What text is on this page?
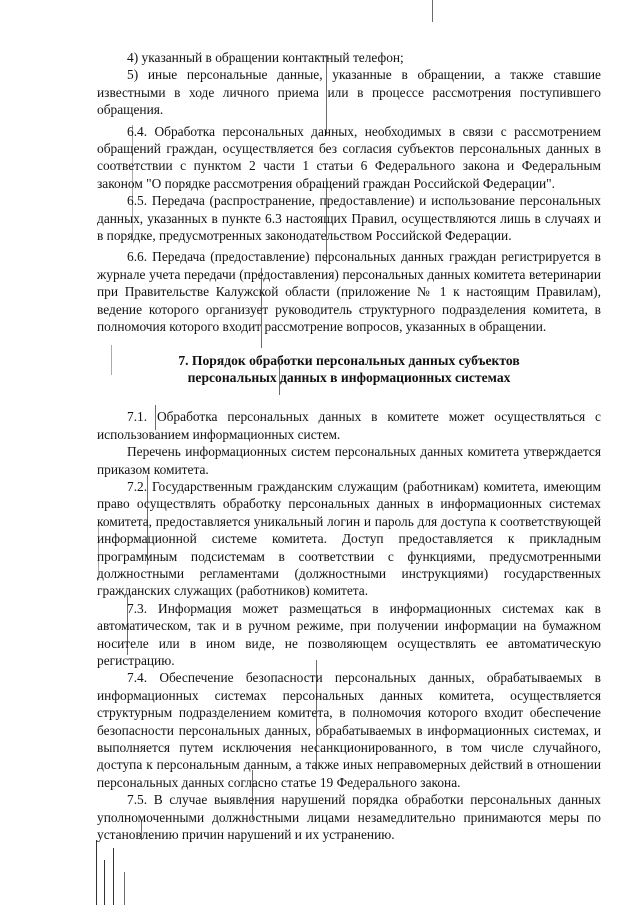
4) указанный в обращении контактный телефон;

5) иные персональные данные, указанные в обращении, а также ставшие известными в ходе личного приема или в процессе рассмотрения поступившего обращения.

6.4. Обработка персональных данных, необходимых в связи с рассмотрением обращений граждан, осуществляется без согласия субъектов персональных данных в соответствии с пунктом 2 части 1 статьи 6 Федерального закона и Федеральным законом "О порядке рассмотрения обращений граждан Российской Федерации".

6.5. Передача (распространение, предоставление) и использование персональных данных, указанных в пункте 6.3 настоящих Правил, осуществляются лишь в случаях и в порядке, предусмотренных законодательством Российской Федерации.

6.6. Передача (предоставление) персональных данных граждан регистрируется в журнале учета передачи (предоставления) персональных данных комитета ветеринарии при Правительстве Калужской области (приложение № 1 к настоящим Правилам), ведение которого организует руководитель структурного подразделения комитета, в полномочия которого входит рассмотрение вопросов, указанных в обращении.

7. Порядок обработки персональных данных субъектов
персональных данных в информационных системах

7.1. Обработка персональных данных в комитете может осуществляться с использованием информационных систем.

Перечень информационных систем персональных данных комитета утверждается приказом комитета.

7.2. Государственным гражданским служащим (работникам) комитета, имеющим право осуществлять обработку персональных данных в информационных системах комитета, предоставляется уникальный логин и пароль для доступа к соответствующей информационной системе комитета. Доступ предоставляется к прикладным программным подсистемам в соответствии с функциями, предусмотренными должностными регламентами (должностными инструкциями) государственных гражданских служащих (работников) комитета.

7.3. Информация может размещаться в информационных системах как в автоматическом, так и в ручном режиме, при получении информации на бумажном носителе или в ином виде, не позволяющем осуществлять ее автоматическую регистрацию.

7.4. Обеспечение безопасности персональных данных, обрабатываемых в информационных системах персональных данных комитета, осуществляется структурным подразделением комитета, в полномочия которого входит обеспечение безопасности персональных данных, обрабатываемых в информационных системах, и выполняется путем исключения несанкционированного, в том числе случайного, доступа к персональным данным, а также иных неправомерных действий в отношении персональных данных согласно статье 19 Федерального закона.

7.5. В случае выявления нарушений порядка обработки персональных данных уполномоченными должностными лицами незамедлительно принимаются меры по установлению причин нарушений и их устранению.
